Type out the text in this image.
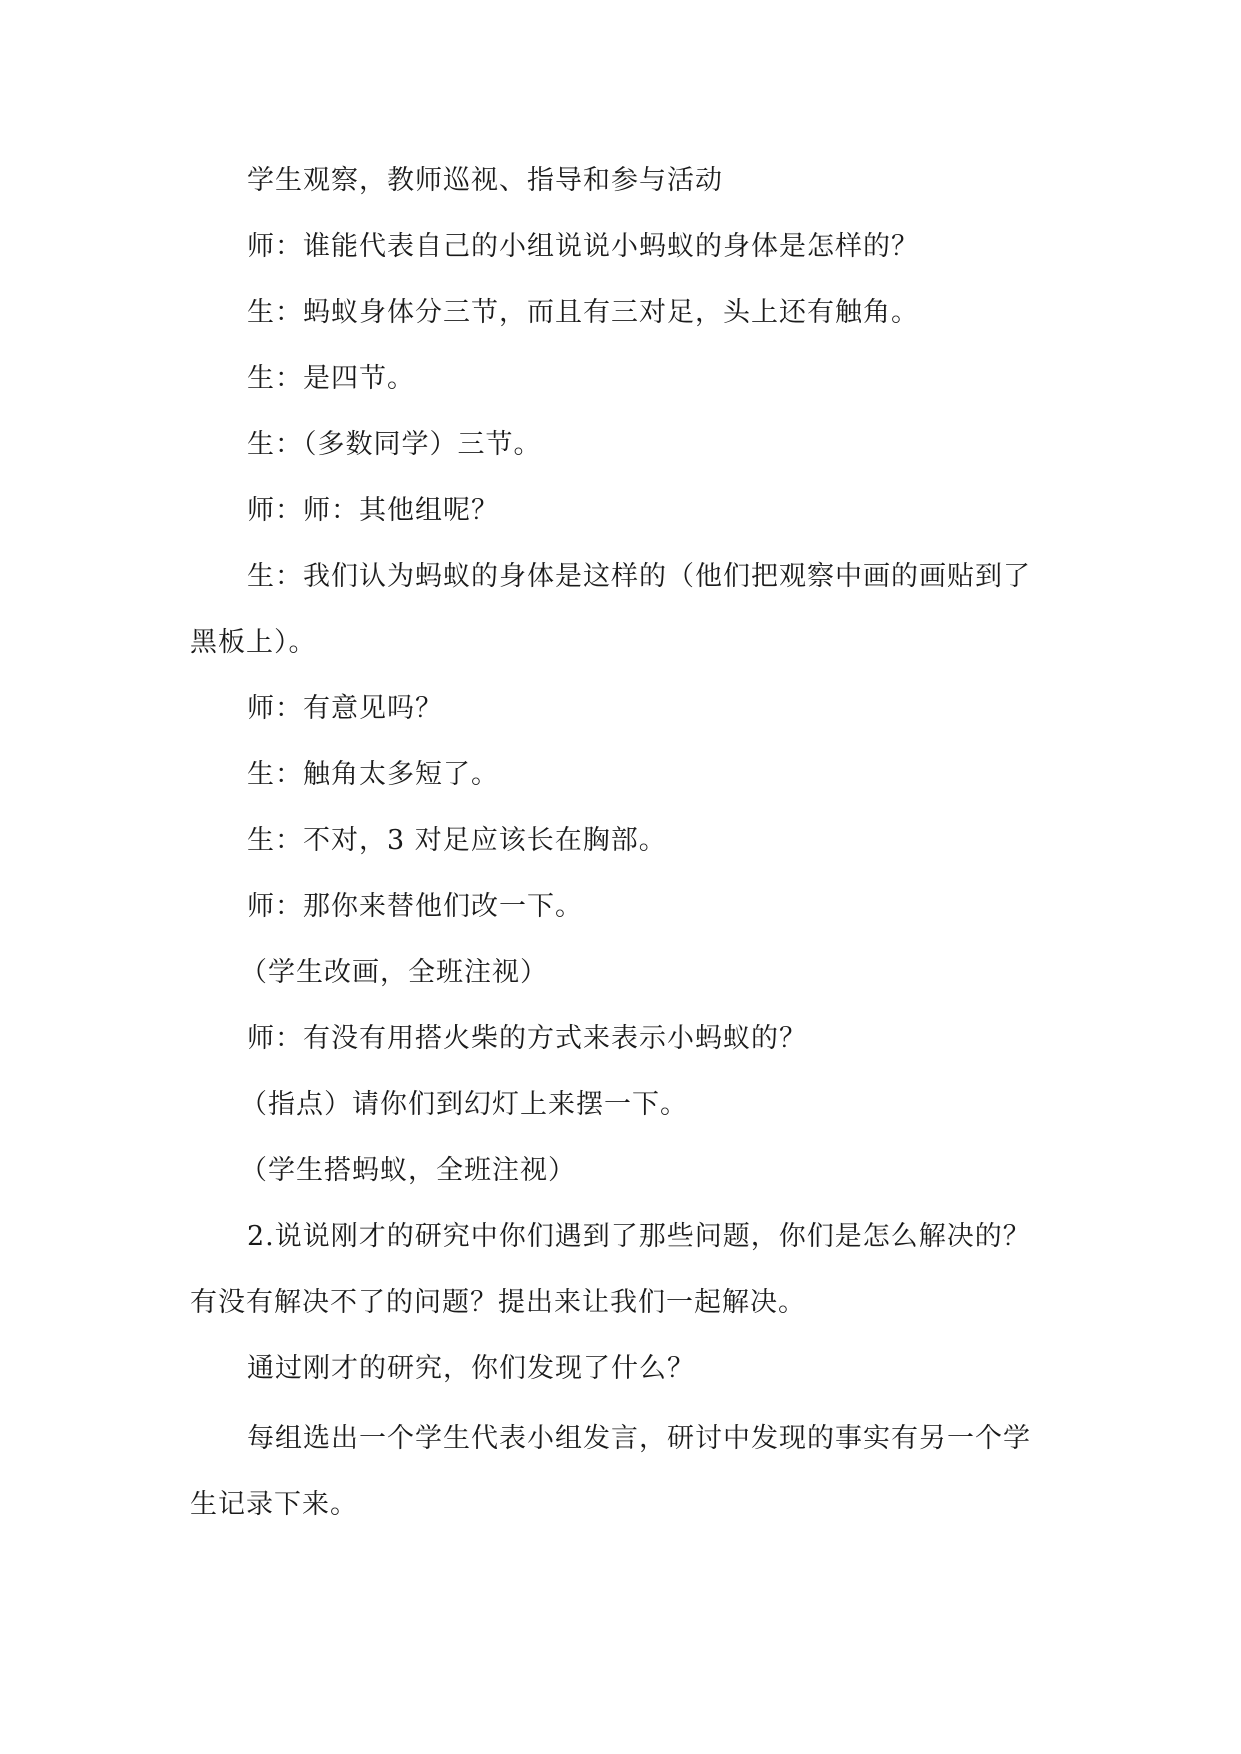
学生观察，教师巡视、指导和参与活动
师：谁能代表自己的小组说说小蚂蚁的身体是怎样的？
生：蚂蚁身体分三节，而且有三对足，头上还有触角。
生：是四节。
生：（多数同学）三节。
师：师：其他组呢？
生：我们认为蚂蚁的身体是这样的（他们把观察中画的画贴到了
黑板上）。
师：有意见吗？
生：触角太多短了。
生：不对，3 对足应该长在胸部。
师：那你来替他们改一下。
（学生改画，全班注视）
师：有没有用搭火柴的方式来表示小蚂蚁的？
（指点）请你们到幻灯上来摆一下。
（学生搭蚂蚁，全班注视）
2.说说刚才的研究中你们遇到了那些问题，你们是怎么解决的？
有没有解决不了的问题？提出来让我们一起解决。
通过刚才的研究，你们发现了什么？
每组选出一个学生代表小组发言，研讨中发现的事实有另一个学
生记录下来。
